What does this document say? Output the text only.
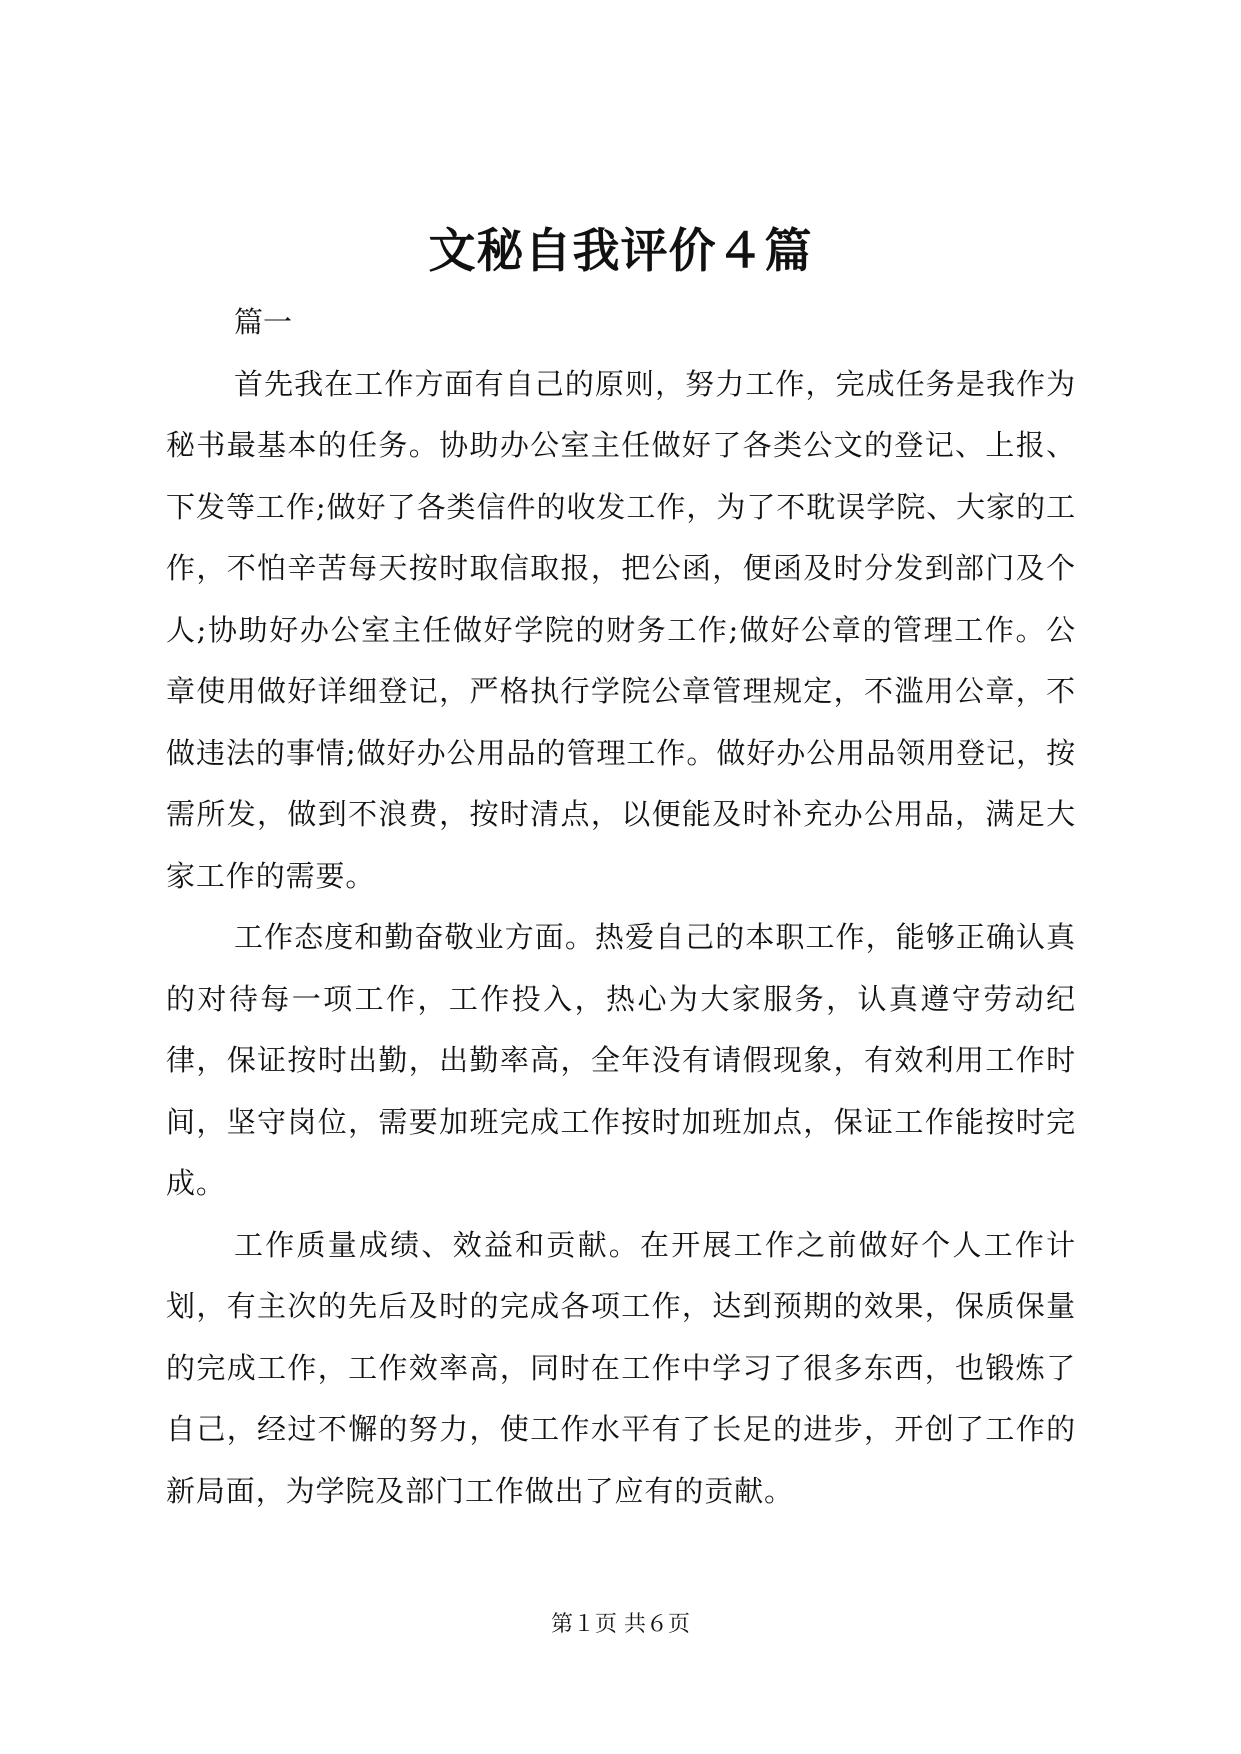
文秘自我评价４篇

篇一

首先我在工作方面有自己的原则，努力工作，完成任务是我作为秘书最基本的任务。协助办公室主任做好了各类公文的登记、上报、下发等工作;做好了各类信件的收发工作，为了不耽误学院、大家的工作，不怕辛苦每天按时取信取报，把公函，便函及时分发到部门及个人;协助好办公室主任做好学院的财务工作;做好公章的管理工作。公章使用做好详细登记，严格执行学院公章管理规定，不滥用公章，不做违法的事情;做好办公用品的管理工作。做好办公用品领用登记，按需所发，做到不浪费，按时清点，以便能及时补充办公用品，满足大家工作的需要。

工作态度和勤奋敬业方面。热爱自己的本职工作，能够正确认真的对待每一项工作，工作投入，热心为大家服务，认真遵守劳动纪律，保证按时出勤，出勤率高，全年没有请假现象，有效利用工作时间，坚守岗位，需要加班完成工作按时加班加点，保证工作能按时完成。

工作质量成绩、效益和贡献。在开展工作之前做好个人工作计划，有主次的先后及时的完成各项工作，达到预期的效果，保质保量的完成工作，工作效率高，同时在工作中学习了很多东西，也锻炼了自己，经过不懈的努力，使工作水平有了长足的进步，开创了工作的新局面，为学院及部门工作做出了应有的贡献。

第１页 共６页
